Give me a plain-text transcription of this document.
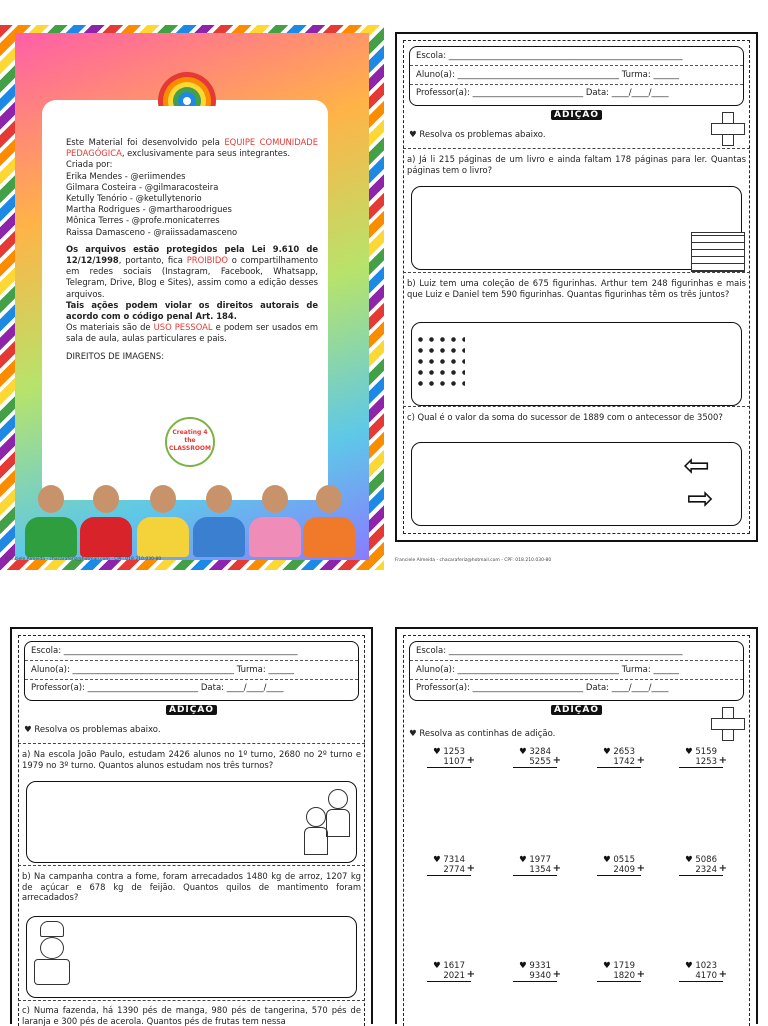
Este Material foi desenvolvido pela EQUIPE COMUNIDADE PEDAGÓGICA, exclusivamente para seus integrantes.

Criada por:

Erika Mendes - @eriimendes

Gilmara Costeira - @gilmaracosteira

Ketully Tenório - @ketullytenorio

Martha Rodrigues - @martharoodrigues

Mônica Terres - @profe.monicaterres

Raissa Damasceno - @raiissadamasceno

Os arquivos estão protegidos pela Lei 9.610 de 12/12/1998, portanto, fica PROIBIDO o compartilhamento em redes sociais (Instagram, Facebook, Whatsapp, Telegram, Drive, Blog e Sites), assim como a edição desses arquivos.

Tais ações podem violar os direitos autorais de acordo com o código penal Art. 184.

Os materiais são de USO PESSOAL e podem ser usados em sala de aula, aulas particulares e pais.

DIREITOS DE IMAGENS:

Creating 4 the CLASSROOM
Franciele Almeida - chacaraferiz@hotmail.com - CPF: 018.210.030-80
Escola: _______________________________________________________
Aluno(a): ______________________________________ Turma: ______
Professor(a): __________________________ Data: ____/____/____
ADIÇÃO
♥ Resolva os problemas abaixo.
a) Já li 215 páginas de um livro e ainda faltam 178 páginas para ler. Quantas páginas tem o livro?
b) Luiz tem uma coleção de 675 figurinhas. Arthur tem 248 figurinhas e mais que Luiz e Daniel tem 590 figurinhas. Quantas figurinhas têm os três juntos?
c) Qual é o valor da soma do sucessor de 1889 com o antecessor de 3500?
⇦
⇨
Franciele Almeida - chacaraferiz@hotmail.com - CPF: 018.210.030-80
Escola: _______________________________________________________
Aluno(a): ______________________________________ Turma: ______
Professor(a): __________________________ Data: ____/____/____
ADIÇÃO
♥ Resolva os problemas abaixo.
a) Na escola João Paulo, estudam 2426 alunos no 1º turno, 2680 no 2º turno e 1979 no 3º turno. Quantos alunos estudam nos três turnos?
b) Na campanha contra a fome, foram arrecadados 1480 kg de arroz, 1207 kg de açúcar e 678 kg de feijão. Quantos quilos de mantimento foram arrecadados?
c) Numa fazenda, há 1390 pés de manga, 980 pés de tangerina, 570 pés de laranja e 300 pés de acerola. Quantos pés de frutas tem nessa
Escola: _______________________________________________________
Aluno(a): ______________________________________ Turma: ______
Professor(a): __________________________ Data: ____/____/____
ADIÇÃO
♥ Resolva as continhas de adição.
♥ 1253
1107 +
♥ 3284
5255 +
♥ 2653
1742 +
♥ 5159
1253 +
♥ 7314
2774 +
♥ 1977
1354 +
♥ 0515
2409 +
♥ 5086
2324 +
♥ 1617
2021 +
♥ 9331
9340 +
♥ 1719
1820 +
♥ 1023
4170 +
